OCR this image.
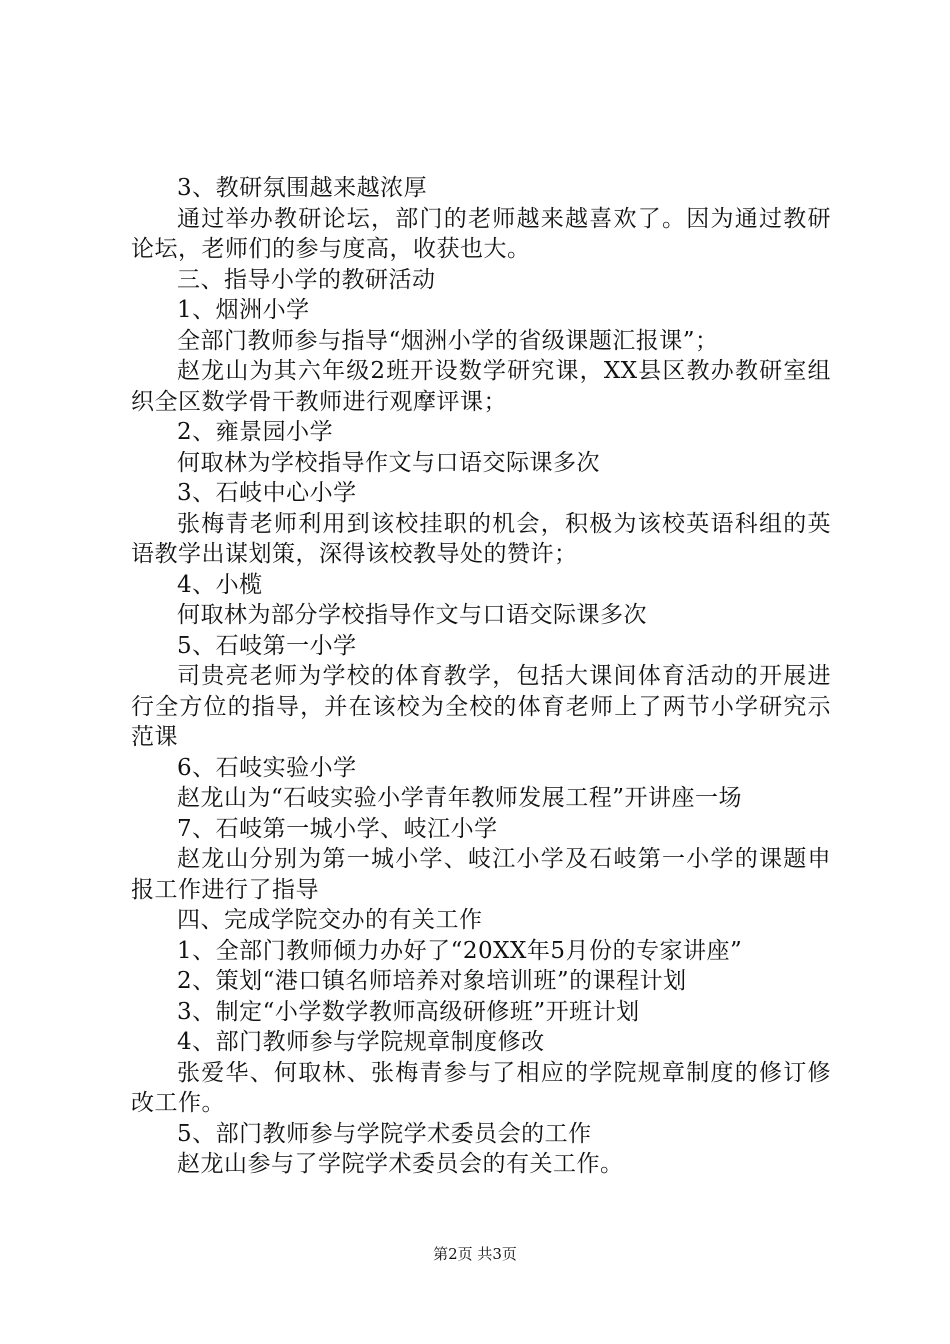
3、教研氛围越来越浓厚

通过举办教研论坛，部门的老师越来越喜欢了。因为通过教研论坛，老师们的参与度高，收获也大。

三、指导小学的教研活动

1、烟洲小学

全部门教师参与指导“烟洲小学的省级课题汇报课”；

赵龙山为其六年级2班开设数学研究课，XX县区教办教研室组织全区数学骨干教师进行观摩评课；

2、雍景园小学

何取林为学校指导作文与口语交际课多次

3、石岐中心小学

张梅青老师利用到该校挂职的机会，积极为该校英语科组的英语教学出谋划策，深得该校教导处的赞许；

4、小榄

何取林为部分学校指导作文与口语交际课多次

5、石岐第一小学

司贵亮老师为学校的体育教学，包括大课间体育活动的开展进行全方位的指导，并在该校为全校的体育老师上了两节小学研究示范课

6、石岐实验小学

赵龙山为“石岐实验小学青年教师发展工程”开讲座一场

7、石岐第一城小学、岐江小学

赵龙山分别为第一城小学、岐江小学及石岐第一小学的课题申报工作进行了指导

四、完成学院交办的有关工作

1、全部门教师倾力办好了“20XX年5月份的专家讲座”

2、策划“港口镇名师培养对象培训班”的课程计划

3、制定“小学数学教师高级研修班”开班计划

4、部门教师参与学院规章制度修改

张爱华、何取林、张梅青参与了相应的学院规章制度的修订修改工作。

5、部门教师参与学院学术委员会的工作

赵龙山参与了学院学术委员会的有关工作。

第2页 共3页
